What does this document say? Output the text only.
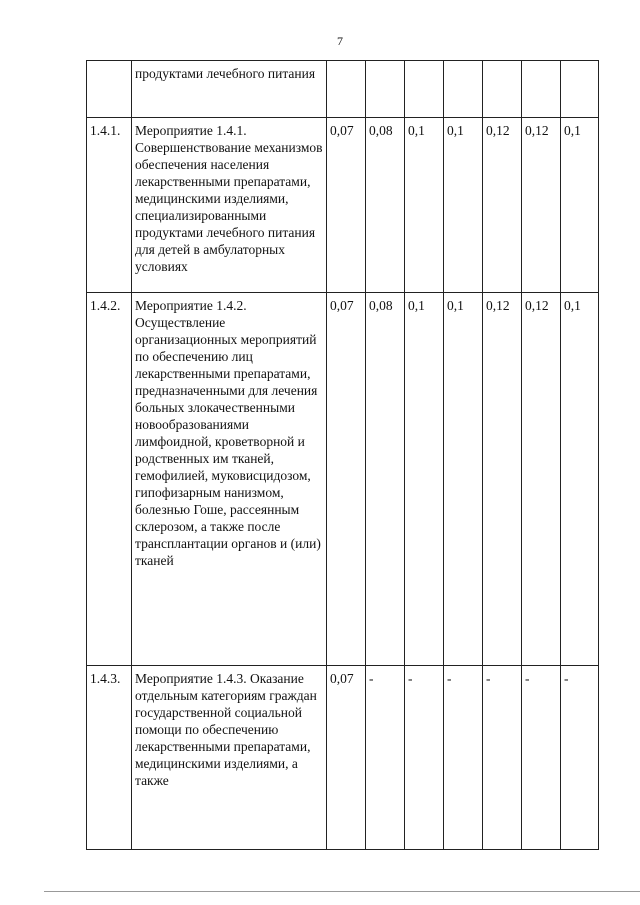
7
	продуктами лечебного питания							
1.4.1.	Мероприятие 1.4.1. Совершенствование механизмов обеспечения населения лекарственными препаратами, медицинскими изделиями, специализированными продуктами лечебного питания для детей в амбулаторных условиях	0,07	0,08	0,1	0,1	0,12	0,12	0,1
1.4.2.	Мероприятие 1.4.2. Осуществление организационных мероприятий по обеспечению лиц лекарственными препаратами, предназначенными для лечения больных злокачественными новообразованиями лимфоидной, кроветворной и родственных им тканей, гемофилией, муковисцидозом, гипофизарным нанизмом, болезнью Гоше, рассеянным склерозом, а также после трансплантации органов и (или) тканей	0,07	0,08	0,1	0,1	0,12	0,12	0,1
1.4.3.	Мероприятие 1.4.3. Оказание отдельным категориям граждан государственной социальной помощи по обеспечению лекарственными препаратами, медицинскими изделиями, а также	0,07	-	-	-	-	-	-
